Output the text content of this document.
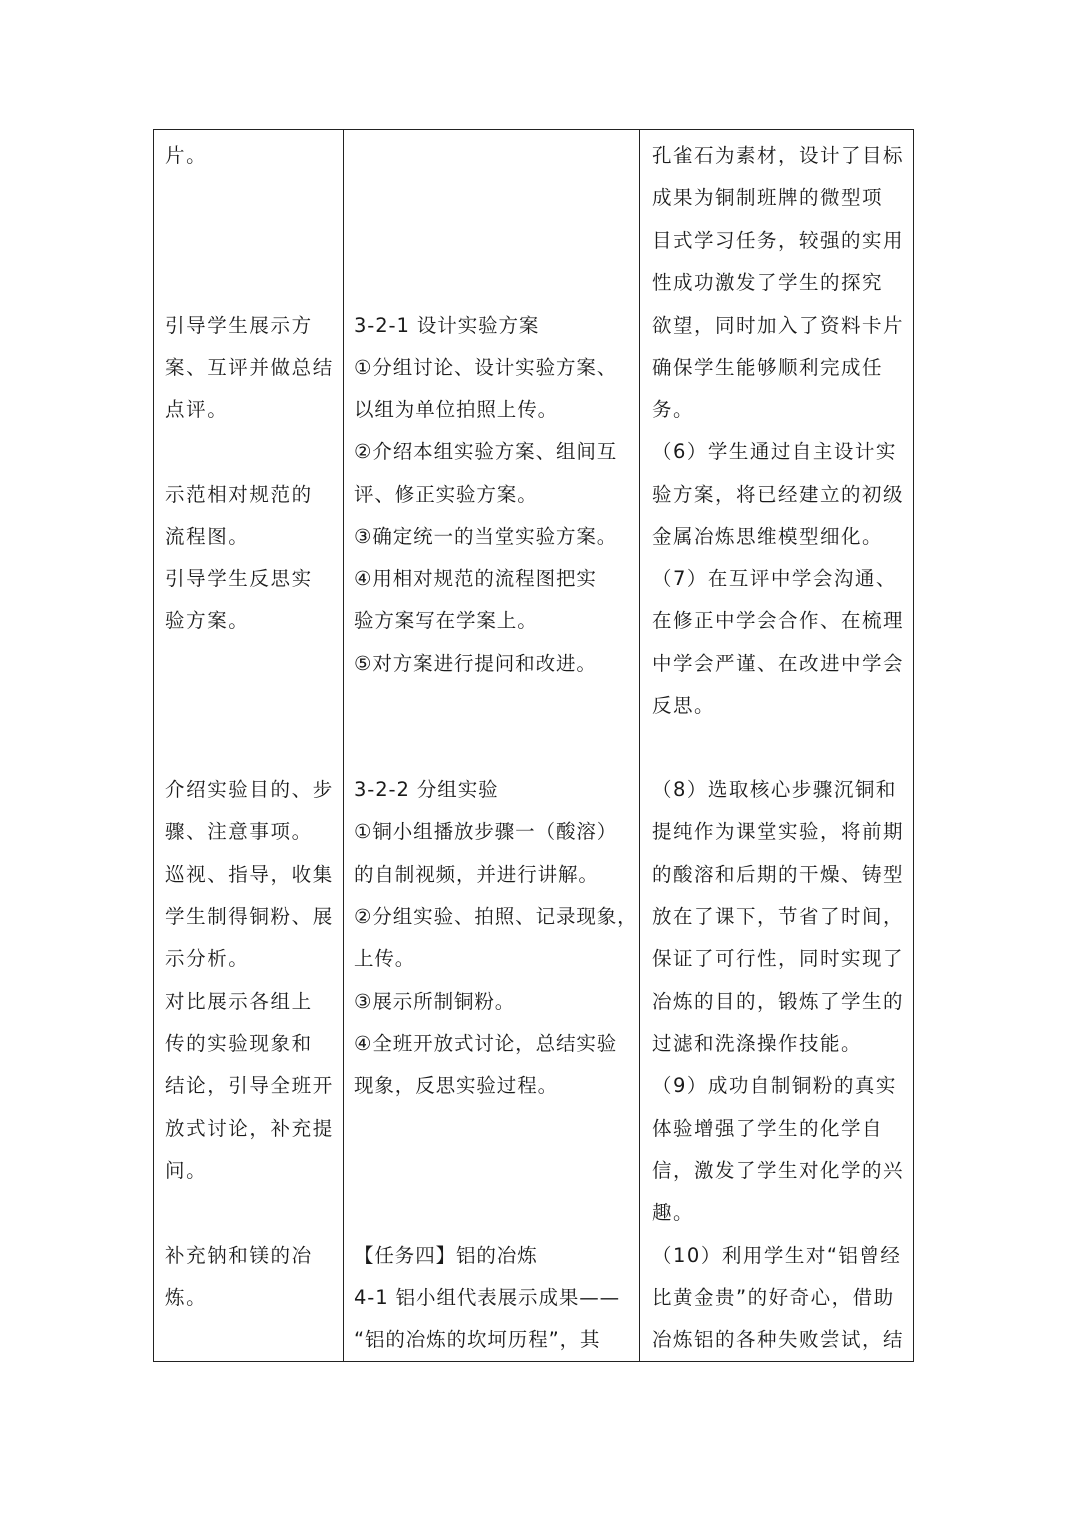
片。
引导学生展示方
案、互评并做总结
点评。
示范相对规范的
流程图。
引导学生反思实
验方案。
介绍实验目的、步
骤、注意事项。
巡视、指导，收集
学生制得铜粉、展
示分析。
对比展示各组上
传的实验现象和
结论，引导全班开
放式讨论，补充提
问。
补充钠和镁的冶
炼。
3-2-1 设计实验方案
①分组讨论、设计实验方案、
以组为单位拍照上传。
②介绍本组实验方案、组间互
评、修正实验方案。
③确定统一的当堂实验方案。
④用相对规范的流程图把实
验方案写在学案上。
⑤对方案进行提问和改进。
3-2-2 分组实验
①铜小组播放步骤一（酸溶）
的自制视频，并进行讲解。
②分组实验、拍照、记录现象，
上传。
③展示所制铜粉。
④全班开放式讨论，总结实验
现象，反思实验过程。
【任务四】铝的冶炼
4-1 铝小组代表展示成果——
“铝的冶炼的坎坷历程”，其
孔雀石为素材，设计了目标
成果为铜制班牌的微型项
目式学习任务，较强的实用
性成功激发了学生的探究
欲望，同时加入了资料卡片
确保学生能够顺利完成任
务。
（6）学生通过自主设计实
验方案，将已经建立的初级
金属冶炼思维模型细化。
（7）在互评中学会沟通、
在修正中学会合作、在梳理
中学会严谨、在改进中学会
反思。
（8）选取核心步骤沉铜和
提纯作为课堂实验，将前期
的酸溶和后期的干燥、铸型
放在了课下，节省了时间，
保证了可行性，同时实现了
冶炼的目的，锻炼了学生的
过滤和洗涤操作技能。
（9）成功自制铜粉的真实
体验增强了学生的化学自
信，激发了学生对化学的兴
趣。
（10）利用学生对“铝曾经
比黄金贵”的好奇心，借助
冶炼铝的各种失败尝试，结
